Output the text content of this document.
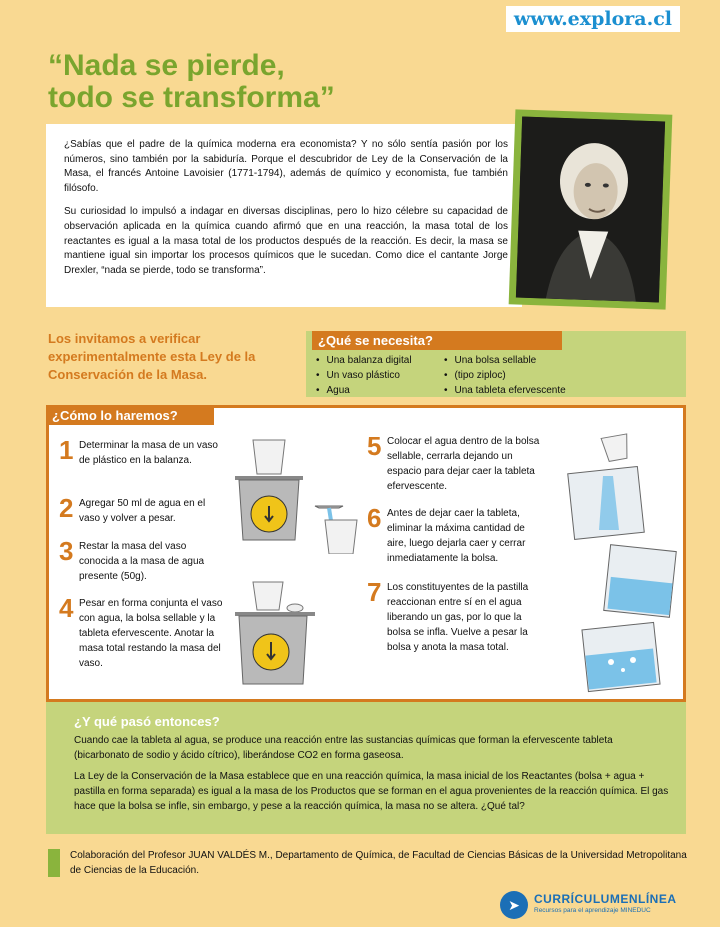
www.explora.cl
“Nada se pierde,
todo se transforma”

¿Sabías que el padre de la química moderna era economista? Y no sólo sentía pasión por los números, sino también por la sabiduría. Porque el descubridor de Ley de la Conservación de la Masa, el francés Antoine Lavoisier (1771-1794), además de químico y economista, fue también filósofo.

Su curiosidad lo impulsó a indagar en diversas disciplinas, pero lo hizo célebre su capacidad de observación aplicada en la química cuando afirmó que en una reacción, la masa total de los reactantes es igual a la masa total de los productos después de la reacción. Es decir, la masa se mantiene igual sin importar los procesos químicos que le sucedan. Como dice el cantante Jorge Drexler, “nada se pierde, todo se transforma”.

Los invitamos a verificar experimentalmente esta Ley de la Conservación de la Masa.
¿Qué se necesita?
• Una balanza digital
• Un vaso plástico
• Agua
• Una bolsa sellable
• (tipo ziploc)
• Una tableta efervescente
¿Cómo lo haremos?
1 Determinar la masa de un vaso de plástico en la balanza.
2 Agregar 50 ml de agua en el vaso y volver a pesar.
3 Restar la masa del vaso conocida a la masa de agua presente (50g).
4 Pesar en forma conjunta el vaso con agua, la bolsa sellable y la tableta efervescente. Anotar la masa total restando la masa del vaso.
5 Colocar el agua dentro de la bolsa sellable, cerrarla dejando un espacio para dejar caer la tableta efervescente.
6 Antes de dejar caer la tableta, eliminar la máxima cantidad de aire, luego dejarla caer y cerrar inmediatamente la bolsa.
7 Los constituyentes de la pastilla reaccionan entre sí en el agua liberando un gas, por lo que la bolsa se infla. Vuelve a pesar la bolsa y anota la masa total.
¿Y qué pasó entonces?

Cuando cae la tableta al agua, se produce una reacción entre las sustancias químicas que forman la efervescente tableta (bicarbonato de sodio y ácido cítrico), liberándose CO2 en forma gaseosa.

La Ley de la Conservación de la Masa establece que en una reacción química, la masa inicial de los Reactantes (bolsa + agua + pastilla en forma separada) es igual a la masa de los Productos que se forman en el agua provenientes de la reacción química. El gas hace que la bolsa se infle, sin embargo, y pese a la reacción química, la masa no se altera. ¿Qué tal?

Colaboración del Profesor JUAN VALDÉS M., Departamento de Química, de Facultad de Ciencias Básicas de la Universidad Metropolitana de Ciencias de la Educación.
➤	CURRÍCULUMENLÍNEA
Recursos para el aprendizaje MINEDUC
